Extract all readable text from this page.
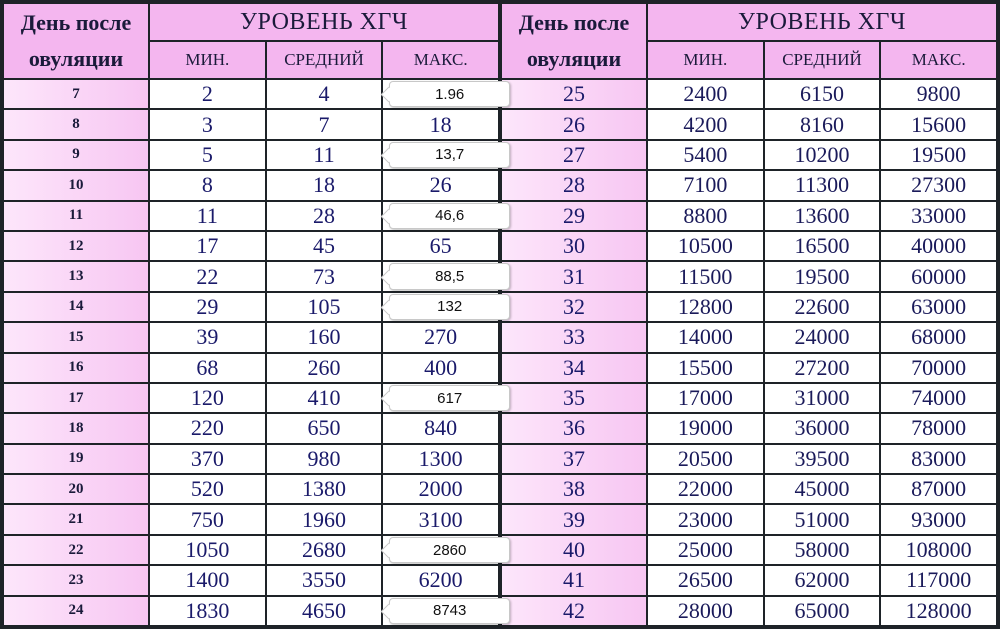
День после
овуляции
УРОВЕНЬ ХГЧ
МИН.	СРЕДНИЙ	МАКС.
7	2	4	1.96
8	3	7	18
9	5	11	13,7
10	8	18	26
11	11	28	46,6
12	17	45	65
13	22	73	88,5
14	29	105	132
15	39	160	270
16	68	260	400
17	120	410	617
18	220	650	840
19	370	980	1300
20	520	1380	2000
21	750	1960	3100
22	1050	2680	2860
23	1400	3550	6200
24	1830	4650	8743
День после
овуляции
УРОВЕНЬ ХГЧ
МИН.	СРЕДНИЙ	МАКС.
25	2400	6150	9800
26	4200	8160	15600
27	5400	10200	19500
28	7100	11300	27300
29	8800	13600	33000
30	10500	16500	40000
31	11500	19500	60000
32	12800	22600	63000
33	14000	24000	68000
34	15500	27200	70000
35	17000	31000	74000
36	19000	36000	78000
37	20500	39500	83000
38	22000	45000	87000
39	23000	51000	93000
40	25000	58000	108000
41	26500	62000	117000
42	28000	65000	128000
